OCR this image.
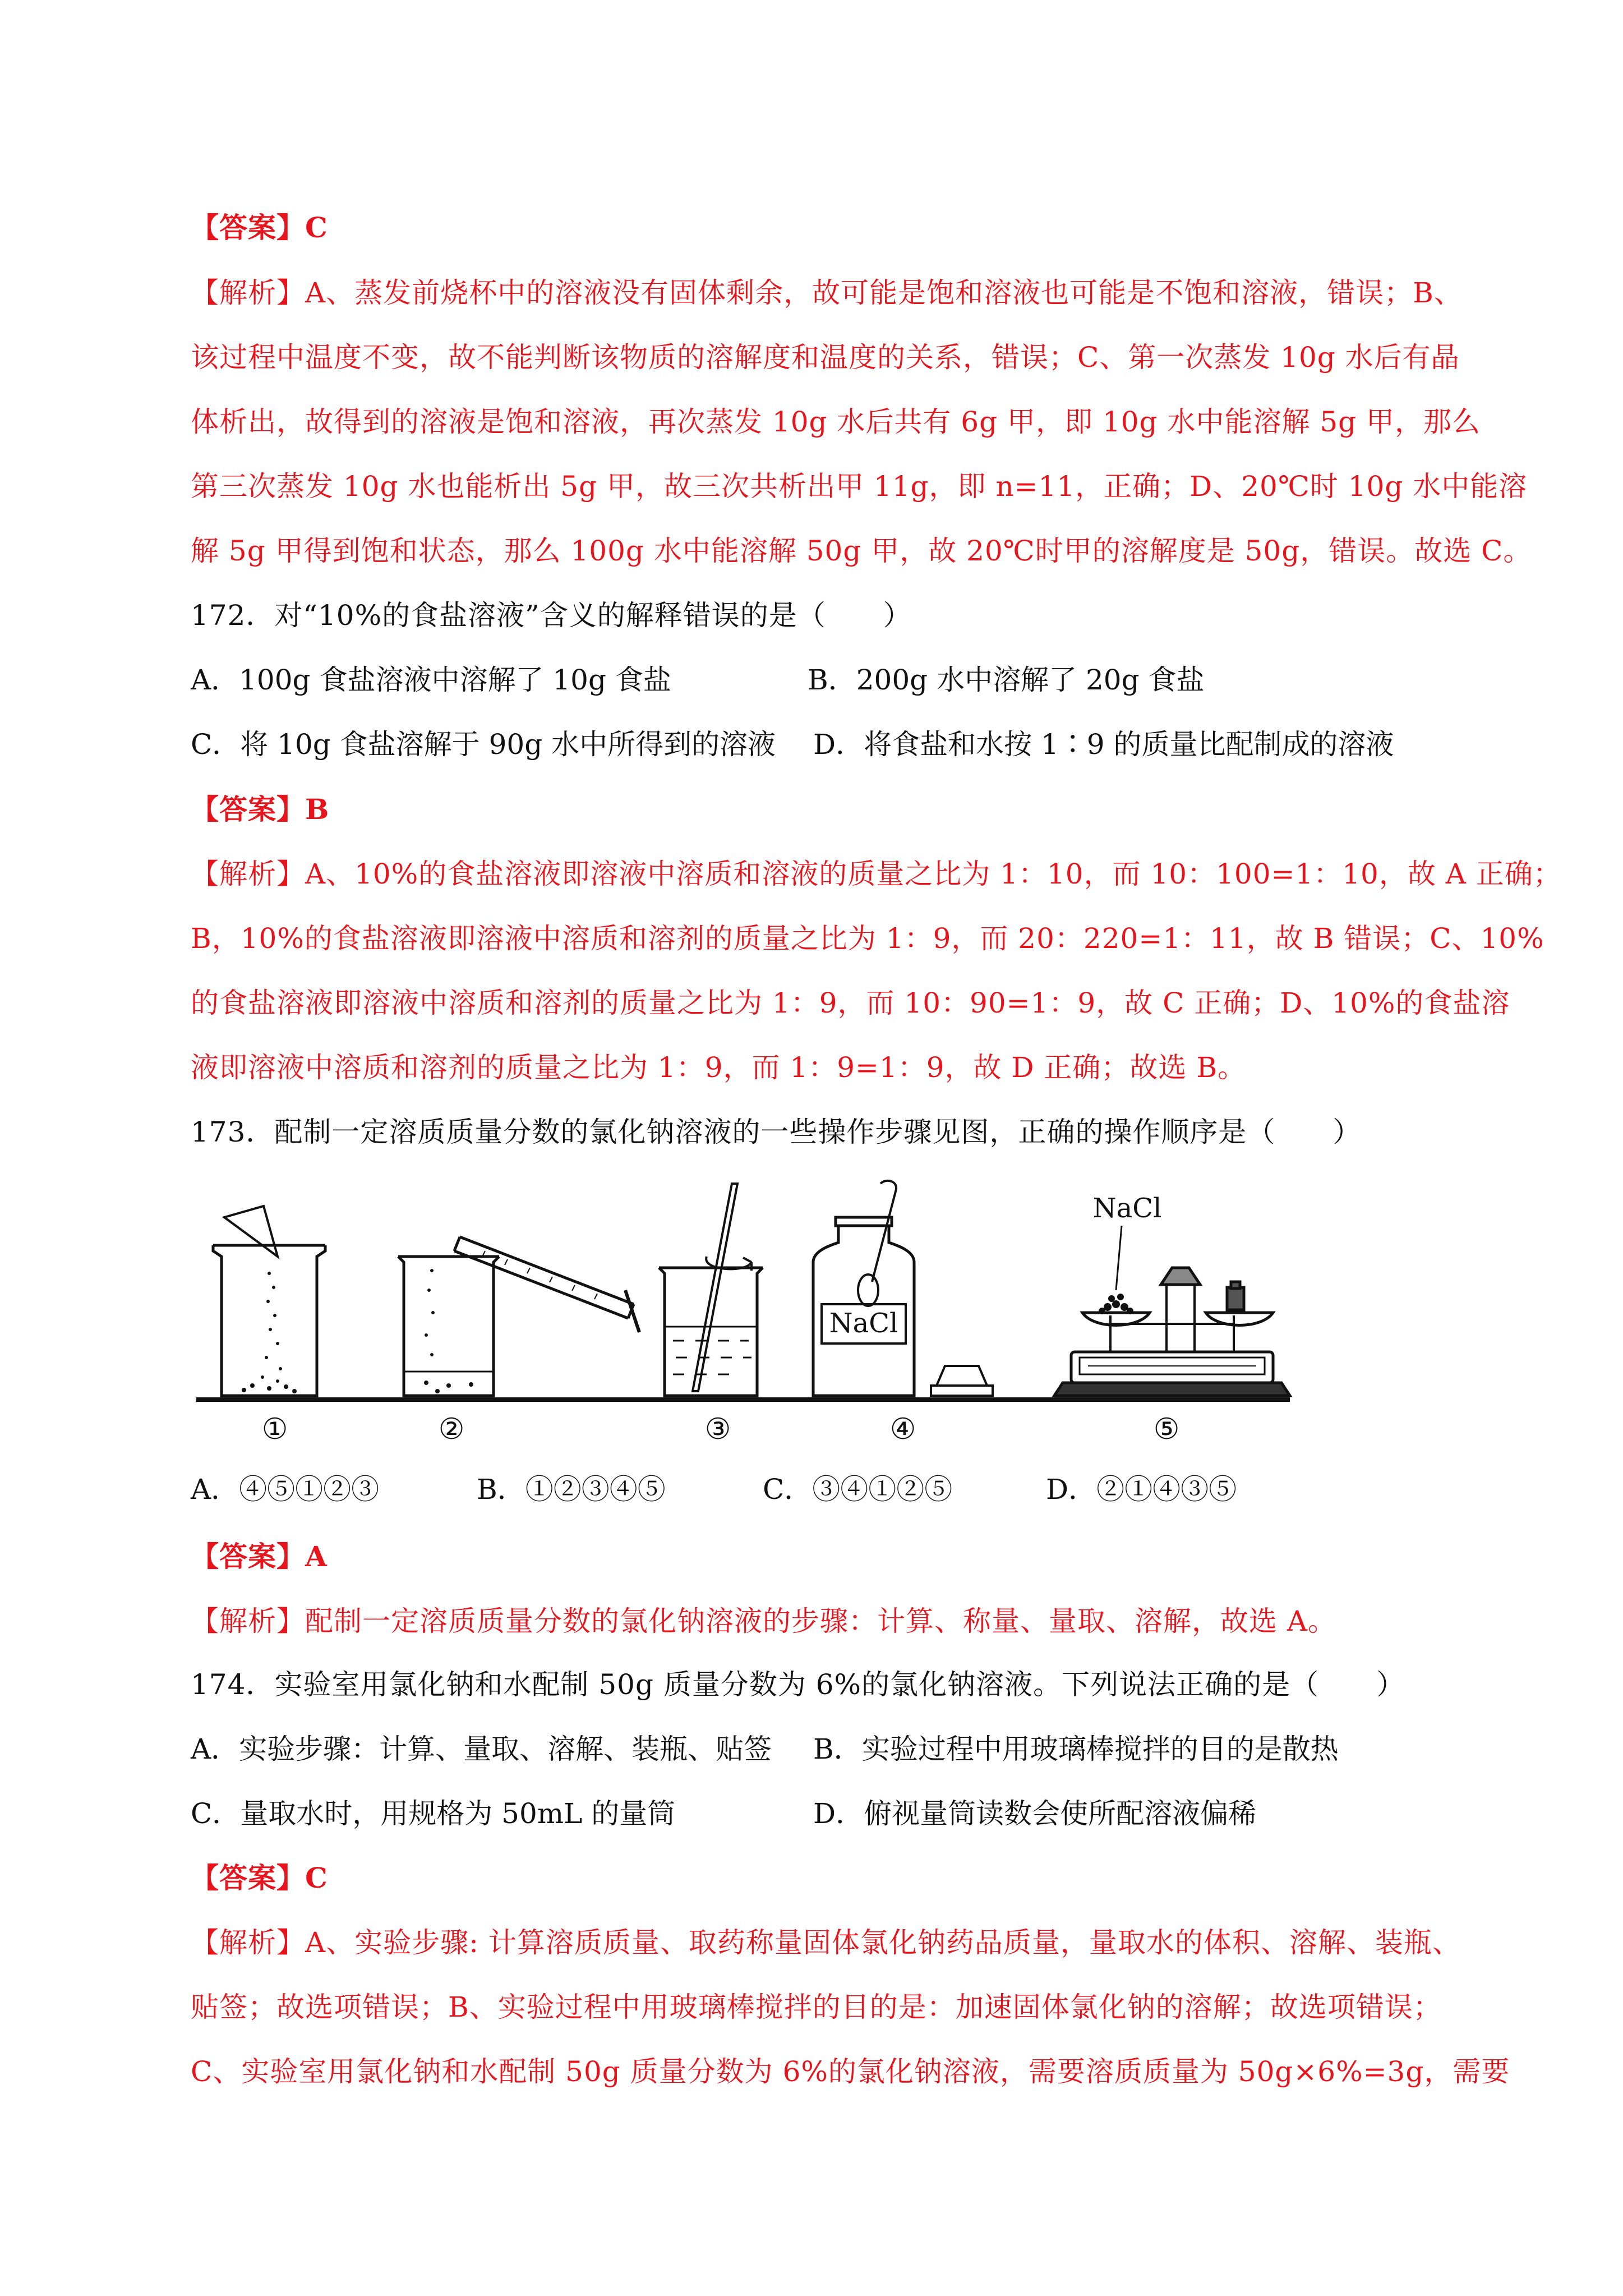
【答案】C
【解析】A、蒸发前烧杯中的溶液没有固体剩余，故可能是饱和溶液也可能是不饱和溶液，错误；B、
该过程中温度不变，故不能判断该物质的溶解度和温度的关系，错误；C、第一次蒸发 10g 水后有晶
体析出，故得到的溶液是饱和溶液，再次蒸发 10g 水后共有 6g 甲，即 10g 水中能溶解 5g 甲，那么
第三次蒸发 10g 水也能析出 5g 甲，故三次共析出甲 11g，即 n=11，正确；D、20℃时 10g 水中能溶
解 5g 甲得到饱和状态，那么 100g 水中能溶解 50g 甲，故 20℃时甲的溶解度是 50g，错误。故选 C。
172．对“10%的食盐溶液”含义的解释错误的是（　　）
A．100g 食盐溶液中溶解了 10g 食盐	B．200g 水中溶解了 20g 食盐
C．将 10g 食盐溶解于 90g 水中所得到的溶液 D．将食盐和水按 1∶9 的质量比配制成的溶液
【答案】B
【解析】A、10%的食盐溶液即溶液中溶质和溶液的质量之比为 1：10，而 10：100=1：10，故 A 正确；
B，10%的食盐溶液即溶液中溶质和溶剂的质量之比为 1：9，而 20：220=1：11，故 B 错误；C、10%
的食盐溶液即溶液中溶质和溶剂的质量之比为 1：9，而 10：90=1：9，故 C 正确；D、10%的食盐溶
液即溶液中溶质和溶剂的质量之比为 1：9，而 1：9=1：9，故 D 正确；故选 B。
173．配制一定溶质质量分数的氯化钠溶液的一些操作步骤见图，正确的操作顺序是（　　）
NaCl
NaCl
①	②	③	④	⑤
A．④⑤①②③	B．①②③④⑤	C．③④①②⑤	D．②①④③⑤
【答案】A
【解析】配制一定溶质质量分数的氯化钠溶液的步骤：计算、称量、量取、溶解，故选 A。
174．实验室用氯化钠和水配制 50g 质量分数为 6%的氯化钠溶液。下列说法正确的是（　　）
A．实验步骤：计算、量取、溶解、装瓶、贴签 B．实验过程中用玻璃棒搅拌的目的是散热
C．量取水时，用规格为 50mL 的量筒	D．俯视量筒读数会使所配溶液偏稀
【答案】C
【解析】A、实验步骤: 计算溶质质量、取药称量固体氯化钠药品质量，量取水的体积、溶解、装瓶、
贴签；故选项错误；B、实验过程中用玻璃棒搅拌的目的是：加速固体氯化钠的溶解；故选项错误；
C、实验室用氯化钠和水配制 50g 质量分数为 6%的氯化钠溶液，需要溶质质量为 50g×6%=3g，需要
